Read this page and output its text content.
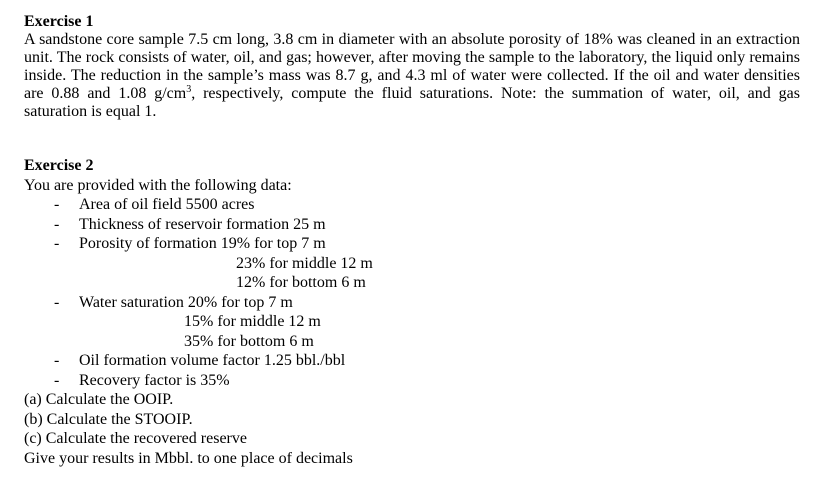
Exercise 1

A sandstone core sample 7.5 cm long, 3.8 cm in diameter with an absolute porosity of 18% was cleaned in an extraction unit. The rock consists of water, oil, and gas; however, after moving the sample to the laboratory, the liquid only remains inside. The reduction in the sample’s mass was 8.7 g, and 4.3 ml of water were collected. If the oil and water densities are 0.88 and 1.08 $g/cm^3$, respectively, compute the fluid saturations. Note: the summation of water, oil, and gas saturation is equal 1.

Exercise 2
You are provided with the following data:
- Area of oil field 5500 acres
- Thickness of reservoir formation 25 m
- Porosity of formation 19% for top 7 m
23% for middle 12 m
12% for bottom 6 m
- Water saturation 20% for top 7 m
15% for middle 12 m
35% for bottom 6 m
- Oil formation volume factor 1.25 bbl./bbl
- Recovery factor is 35%
(a) Calculate the OOIP.
(b) Calculate the STOOIP.
(c) Calculate the recovered reserve
Give your results in Mbbl. to one place of decimals
